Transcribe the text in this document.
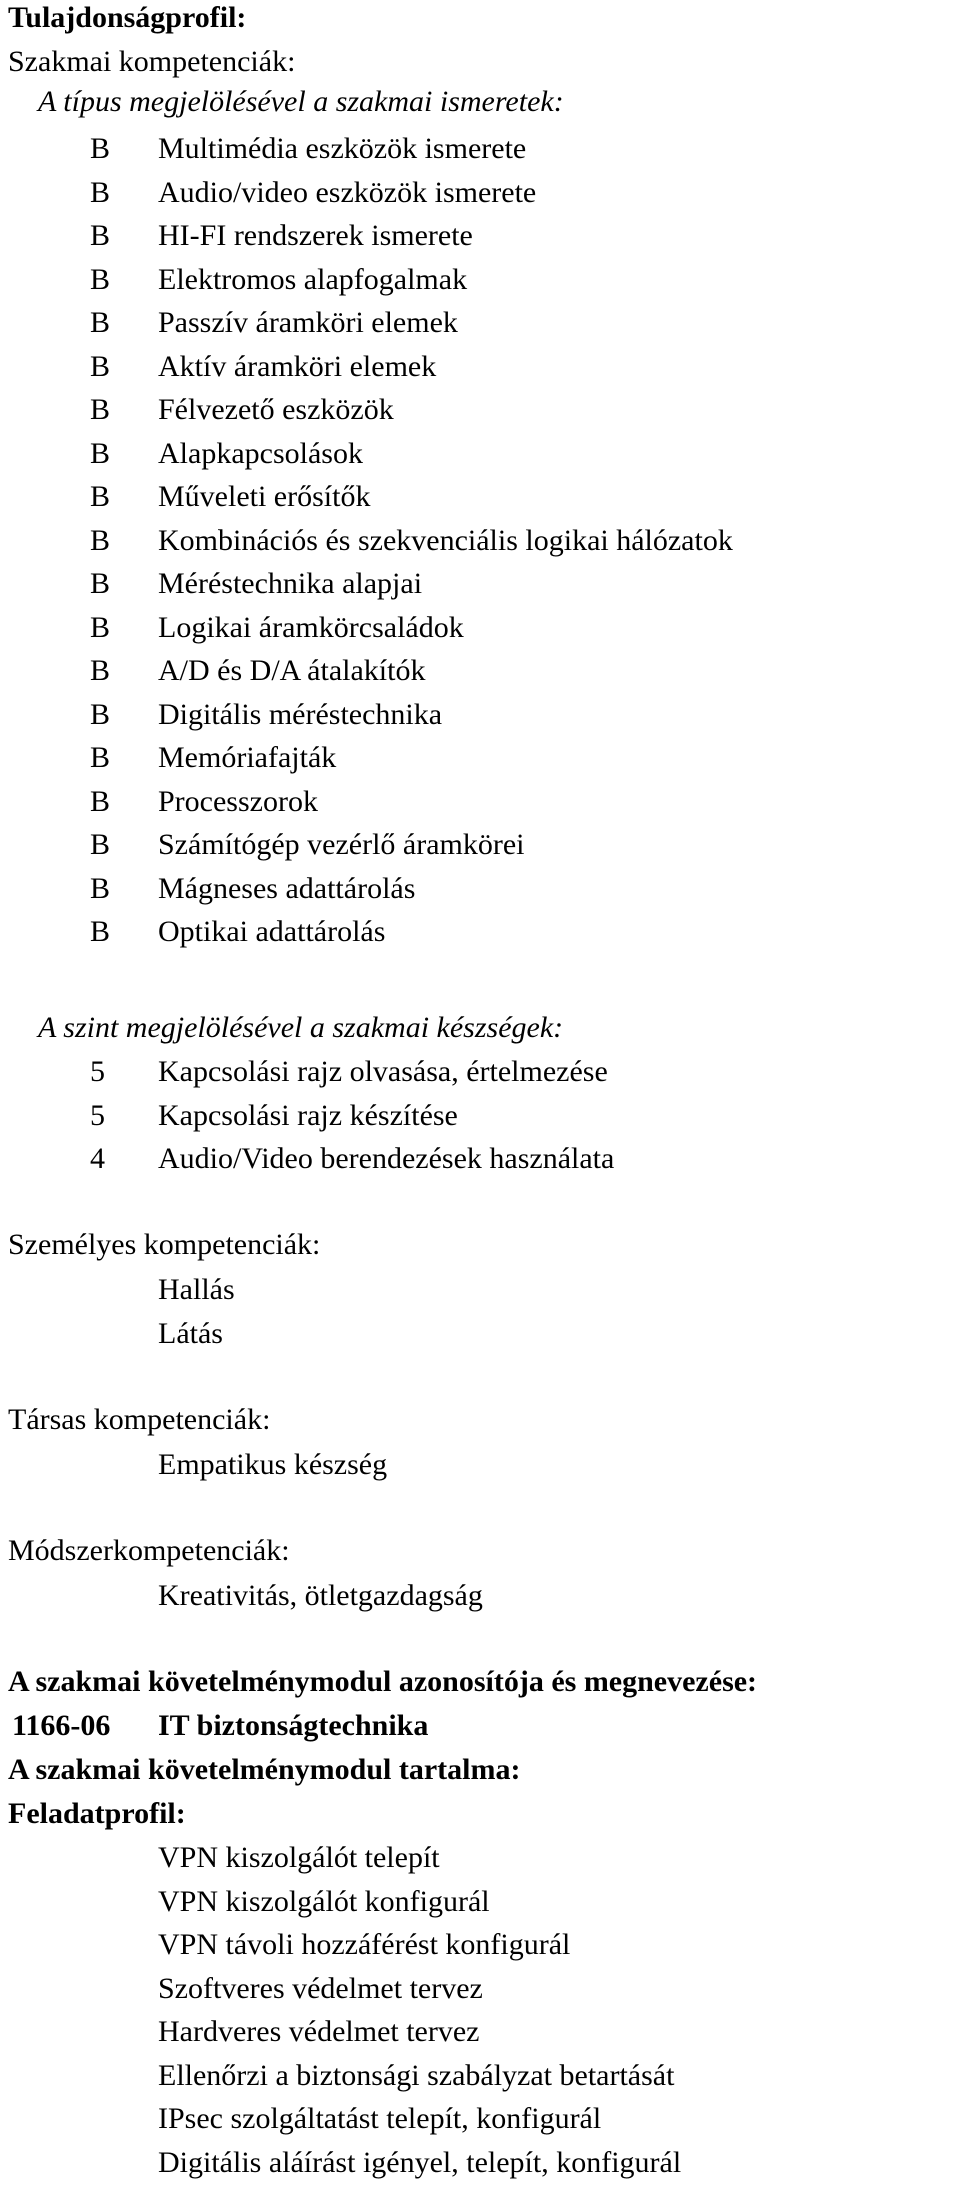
Tulajdonságprofil:
Szakmai kompetenciák:
A típus megjelölésével a szakmai ismeretek:
B Multimédia eszközök ismerete
B Audio/video eszközök ismerete
B HI-FI rendszerek ismerete
B Elektromos alapfogalmak
B Passzív áramköri elemek
B Aktív áramköri elemek
B Félvezető eszközök
B Alapkapcsolások
B Műveleti erősítők
B Kombinációs és szekvenciális logikai hálózatok
B Méréstechnika alapjai
B Logikai áramkörcsaládok
B A/D és D/A átalakítók
B Digitális méréstechnika
B Memóriafajták
B Processzorok
B Számítógép vezérlő áramkörei
B Mágneses adattárolás
B Optikai adattárolás
A szint megjelölésével a szakmai készségek:
5 Kapcsolási rajz olvasása, értelmezése
5 Kapcsolási rajz készítése
4 Audio/Video berendezések használata
Személyes kompetenciák:
Hallás
Látás
Társas kompetenciák:
Empatikus készség
Módszerkompetenciák:
Kreativitás, ötletgazdagság
A szakmai követelménymodul azonosítója és megnevezése:
1166-06 IT biztonságtechnika
A szakmai követelménymodul tartalma:
Feladatprofil:
VPN kiszolgálót telepít
VPN kiszolgálót konfigurál
VPN távoli hozzáférést konfigurál
Szoftveres védelmet tervez
Hardveres védelmet tervez
Ellenőrzi a biztonsági szabályzat betartását
IPsec szolgáltatást telepít, konfigurál
Digitális aláírást igényel, telepít, konfigurál
